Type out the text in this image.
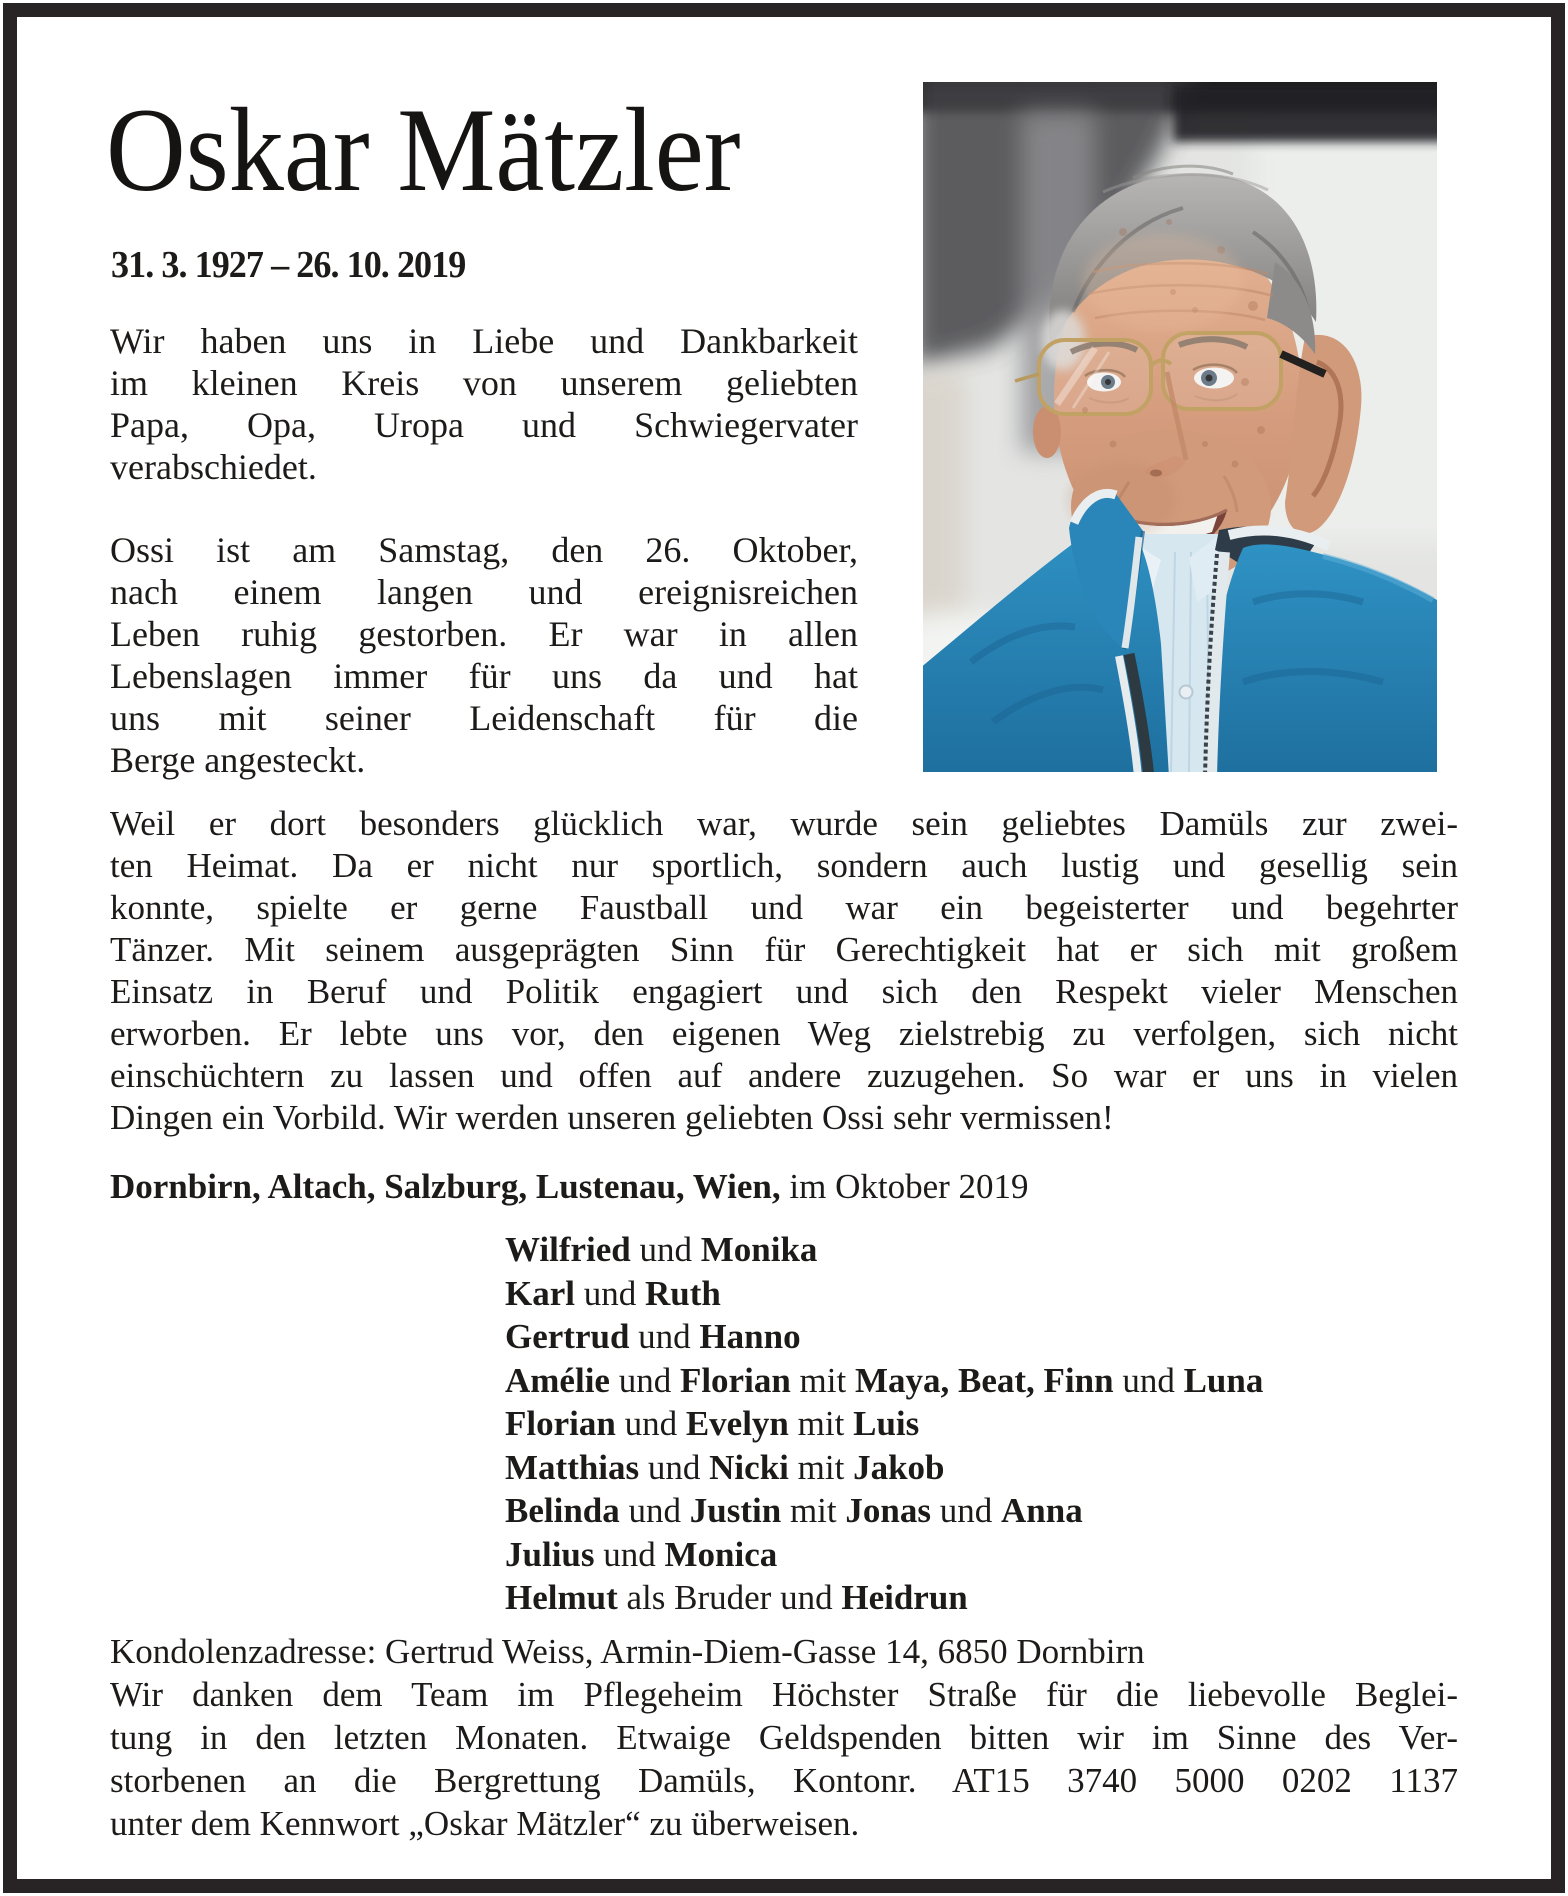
Oskar Mätzler
31. 3. 1927 – 26. 10. 2019
Wir haben uns in Liebe und Dankbarkeit
im kleinen Kreis von unserem geliebten
Papa, Opa, Uropa und Schwiegervater
verabschiedet.
Ossi ist am Samstag, den 26. Oktober,
nach einem langen und ereignisreichen
Leben ruhig gestorben. Er war in allen
Lebenslagen immer für uns da und hat
uns mit seiner Leidenschaft für die
Berge angesteckt.
Weil er dort besonders glücklich war, wurde sein geliebtes Damüls zur zwei-
ten Heimat. Da er nicht nur sportlich, sondern auch lustig und gesellig sein
konnte, spielte er gerne Faustball und war ein begeisterter und begehrter
Tänzer. Mit seinem ausgeprägten Sinn für Gerechtigkeit hat er sich mit großem
Einsatz in Beruf und Politik engagiert und sich den Respekt vieler Menschen
erworben. Er lebte uns vor, den eigenen Weg zielstrebig zu verfolgen, sich nicht
einschüchtern zu lassen und offen auf andere zuzugehen. So war er uns in vielen
Dingen ein Vorbild. Wir werden unseren geliebten Ossi sehr vermissen!
Dornbirn, Altach, Salzburg, Lustenau, Wien, im Oktober 2019
Wilfried und Monika
Karl und Ruth
Gertrud und Hanno
Amélie und Florian mit Maya, Beat, Finn und Luna
Florian und Evelyn mit Luis
Matthias und Nicki mit Jakob
Belinda und Justin mit Jonas und Anna
Julius und Monica
Helmut als Bruder und Heidrun
Kondolenzadresse: Gertrud Weiss, Armin-Diem-Gasse 14, 6850 Dornbirn
Wir danken dem Team im Pflegeheim Höchster Straße für die liebevolle Beglei-
tung in den letzten Monaten. Etwaige Geldspenden bitten wir im Sinne des Ver-
storbenen an die Bergrettung Damüls, Kontonr. AT15 3740 5000 0202 1137
unter dem Kennwort „Oskar Mätzler“ zu überweisen.
